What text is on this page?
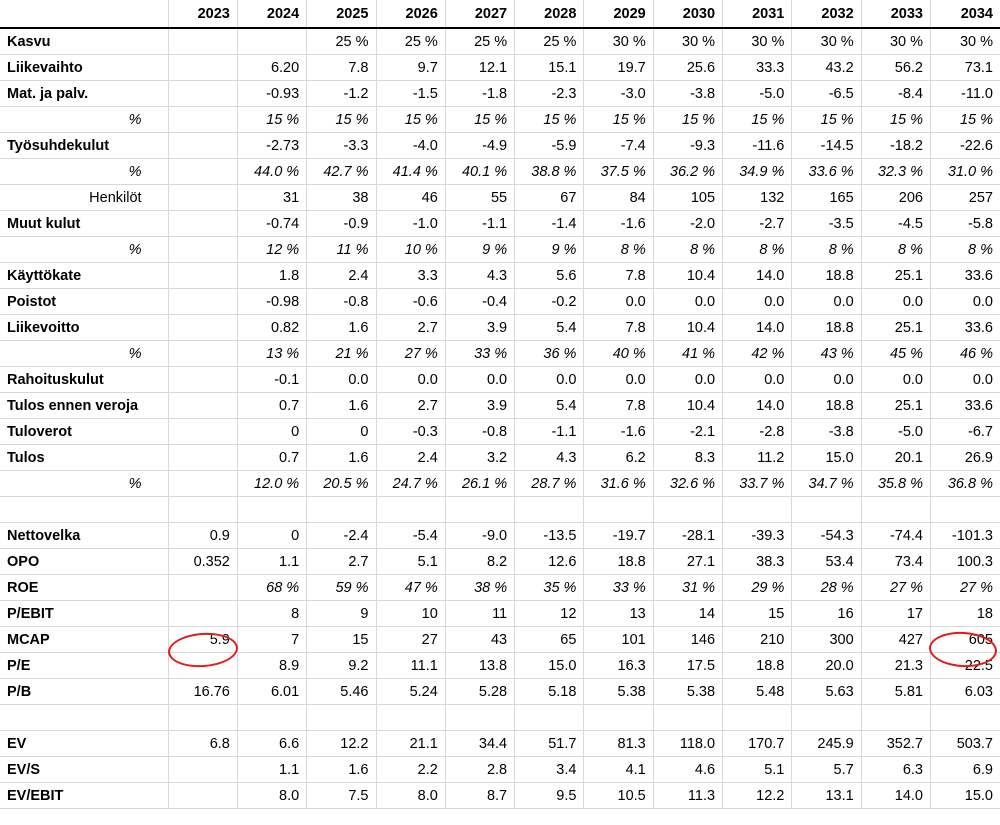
	2023	2024	2025	2026	2027	2028	2029	2030	2031	2032	2033	2034
Kasvu			25 %	25 %	25 %	25 %	30 %	30 %	30 %	30 %	30 %	30 %
Liikevaihto		6.20	7.8	9.7	12.1	15.1	19.7	25.6	33.3	43.2	56.2	73.1
Mat. ja palv.		-0.93	-1.2	-1.5	-1.8	-2.3	-3.0	-3.8	-5.0	-6.5	-8.4	-11.0
%		15 %	15 %	15 %	15 %	15 %	15 %	15 %	15 %	15 %	15 %	15 %
Työsuhdekulut		-2.73	-3.3	-4.0	-4.9	-5.9	-7.4	-9.3	-11.6	-14.5	-18.2	-22.6
%		44.0 %	42.7 %	41.4 %	40.1 %	38.8 %	37.5 %	36.2 %	34.9 %	33.6 %	32.3 %	31.0 %
Henkilöt		31	38	46	55	67	84	105	132	165	206	257
Muut kulut		-0.74	-0.9	-1.0	-1.1	-1.4	-1.6	-2.0	-2.7	-3.5	-4.5	-5.8
%		12 %	11 %	10 %	9 %	9 %	8 %	8 %	8 %	8 %	8 %	8 %
Käyttökate		1.8	2.4	3.3	4.3	5.6	7.8	10.4	14.0	18.8	25.1	33.6
Poistot		-0.98	-0.8	-0.6	-0.4	-0.2	0.0	0.0	0.0	0.0	0.0	0.0
Liikevoitto		0.82	1.6	2.7	3.9	5.4	7.8	10.4	14.0	18.8	25.1	33.6
%		13 %	21 %	27 %	33 %	36 %	40 %	41 %	42 %	43 %	45 %	46 %
Rahoituskulut		-0.1	0.0	0.0	0.0	0.0	0.0	0.0	0.0	0.0	0.0	0.0
Tulos ennen veroja		0.7	1.6	2.7	3.9	5.4	7.8	10.4	14.0	18.8	25.1	33.6
Tuloverot		0	0	-0.3	-0.8	-1.1	-1.6	-2.1	-2.8	-3.8	-5.0	-6.7
Tulos		0.7	1.6	2.4	3.2	4.3	6.2	8.3	11.2	15.0	20.1	26.9
%		12.0 %	20.5 %	24.7 %	26.1 %	28.7 %	31.6 %	32.6 %	33.7 %	34.7 %	35.8 %	36.8 %

Nettovelka	0.9	0	-2.4	-5.4	-9.0	-13.5	-19.7	-28.1	-39.3	-54.3	-74.4	-101.3
OPO	0.352	1.1	2.7	5.1	8.2	12.6	18.8	27.1	38.3	53.4	73.4	100.3
ROE		68 %	59 %	47 %	38 %	35 %	33 %	31 %	29 %	28 %	27 %	27 %
P/EBIT		8	9	10	11	12	13	14	15	16	17	18
MCAP	5.9	7	15	27	43	65	101	146	210	300	427	605
P/E		8.9	9.2	11.1	13.8	15.0	16.3	17.5	18.8	20.0	21.3	22.5
P/B	16.76	6.01	5.46	5.24	5.28	5.18	5.38	5.38	5.48	5.63	5.81	6.03

EV	6.8	6.6	12.2	21.1	34.4	51.7	81.3	118.0	170.7	245.9	352.7	503.7
EV/S		1.1	1.6	2.2	2.8	3.4	4.1	4.6	5.1	5.7	6.3	6.9
EV/EBIT		8.0	7.5	8.0	8.7	9.5	10.5	11.3	12.2	13.1	14.0	15.0
